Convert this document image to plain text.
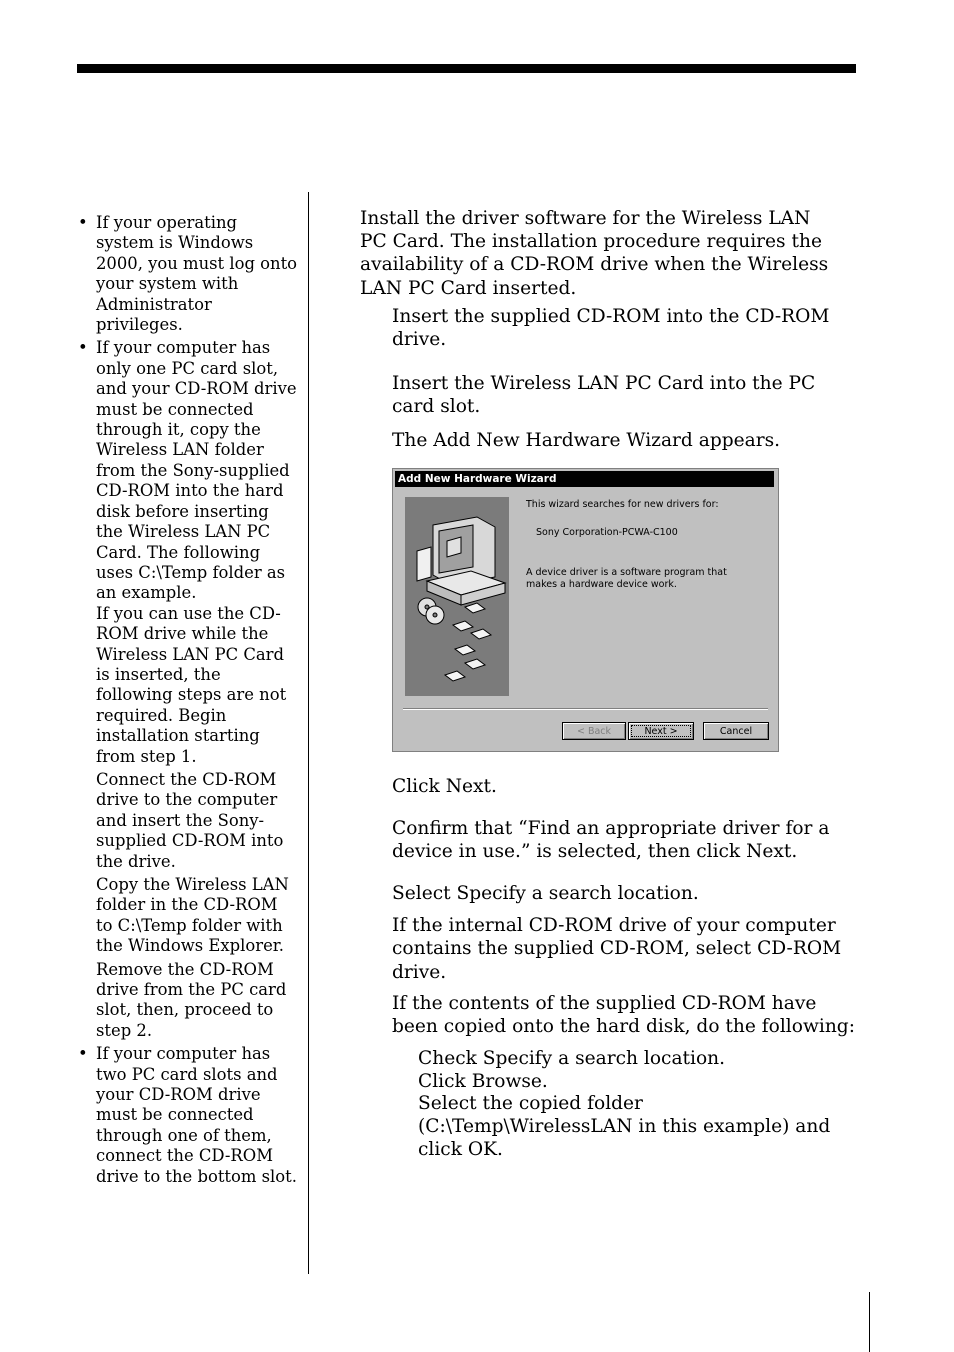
• If your operating system is Windows 2000, you must log onto your system with Administrator privileges.
• If your computer has only one PC card slot, and your CD-ROM drive must be connected through it, copy the Wireless LAN folder from the Sony-supplied CD-ROM into the hard disk before inserting the Wireless LAN PC Card. The following uses C:\Temp folder as an example.
If you can use the CD-ROM drive while the Wireless LAN PC Card is inserted, the following steps are not required. Begin installation starting from step 1.
Connect the CD-ROM drive to the computer and insert the Sony-supplied CD-ROM into the drive.
Copy the Wireless LAN folder in the CD-ROM to C:\Temp folder with the Windows Explorer.
Remove the CD-ROM drive from the PC card slot, then, proceed to step 2.
• If your computer has two PC card slots and your CD-ROM drive must be connected through one of them, connect the CD-ROM drive to the bottom slot.

Install the driver software for the Wireless LAN PC Card. The installation procedure requires the availability of a CD-ROM drive when the Wireless LAN PC Card inserted.

Insert the supplied CD-ROM into the CD-ROM drive.

Insert the Wireless LAN PC Card into the PC card slot.

The Add New Hardware Wizard appears.

Add New Hardware Wizard
This wizard searches for new drivers for:
Sony Corporation-PCWA-C100
A device driver is a software program that makes a hardware device work.
< Back	Next >	Cancel

Click Next.

Confirm that “Find an appropriate driver for a device in use.” is selected, then click Next.

Select Specify a search location.

If the internal CD-ROM drive of your computer contains the supplied CD-ROM, select CD-ROM drive.

If the contents of the supplied CD-ROM have been copied onto the hard disk, do the following:

Check Specify a search location.
Click Browse.
Select the copied folder (C:\Temp\WirelessLAN in this example) and click OK.
